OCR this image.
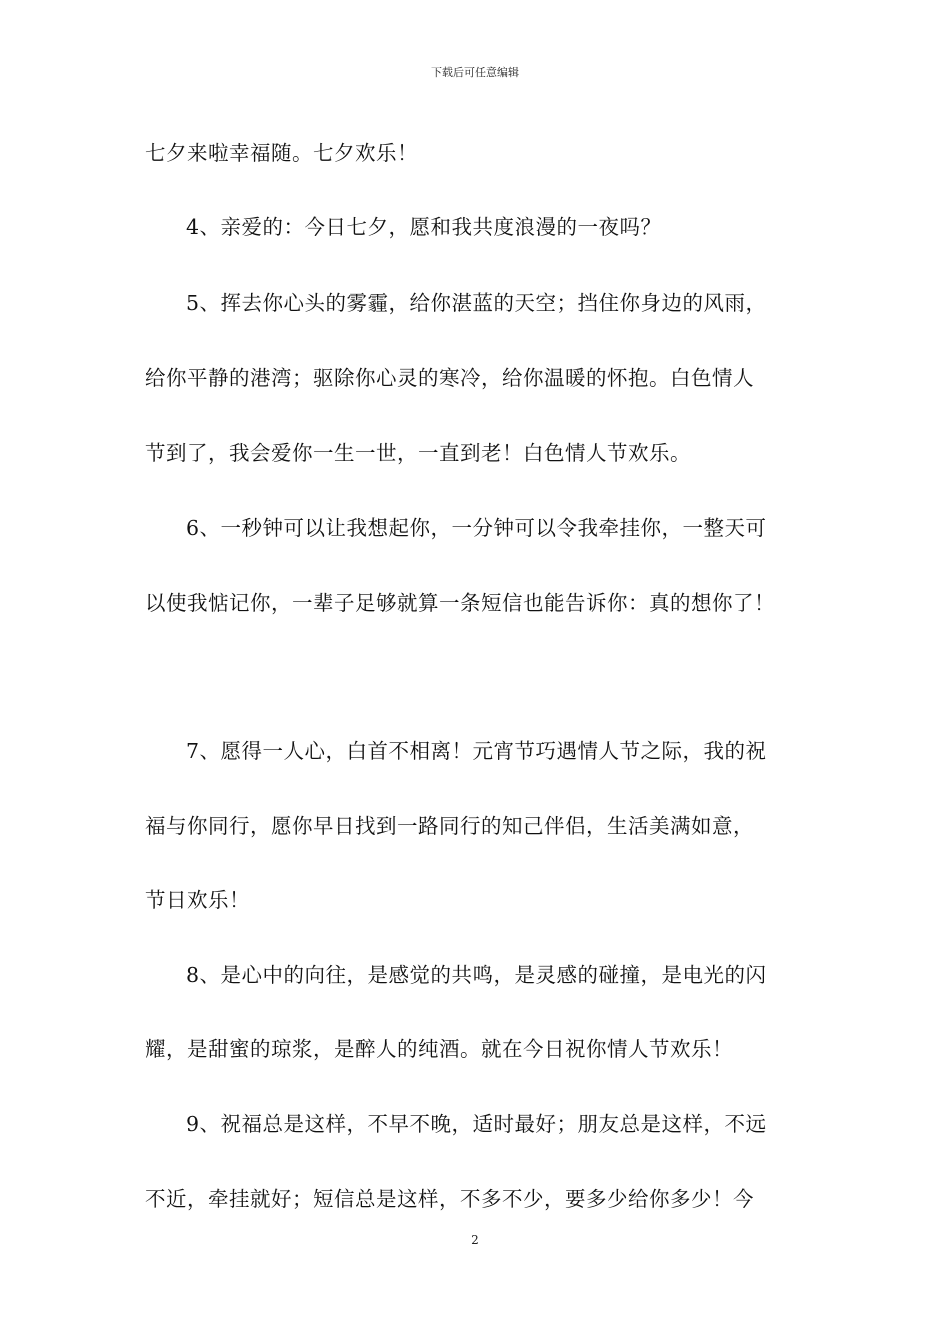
下载后可任意编辑
七夕来啦幸福随。七夕欢乐！
4、亲爱的：今日七夕，愿和我共度浪漫的一夜吗？
5、挥去你心头的雾霾，给你湛蓝的天空；挡住你身边的风雨，
给你平静的港湾；驱除你心灵的寒冷，给你温暖的怀抱。白色情人
节到了，我会爱你一生一世，一直到老！白色情人节欢乐。
6、一秒钟可以让我想起你，一分钟可以令我牵挂你，一整天可
以使我惦记你，一辈子足够就算一条短信也能告诉你：真的想你了！
7、愿得一人心，白首不相离！元宵节巧遇情人节之际，我的祝
福与你同行，愿你早日找到一路同行的知己伴侣，生活美满如意，
节日欢乐！
8、是心中的向往，是感觉的共鸣，是灵感的碰撞，是电光的闪
耀，是甜蜜的琼浆，是醉人的纯酒。就在今日祝你情人节欢乐！
9、祝福总是这样，不早不晚，适时最好；朋友总是这样，不远
不近，牵挂就好；短信总是这样，不多不少，要多少给你多少！今
2
